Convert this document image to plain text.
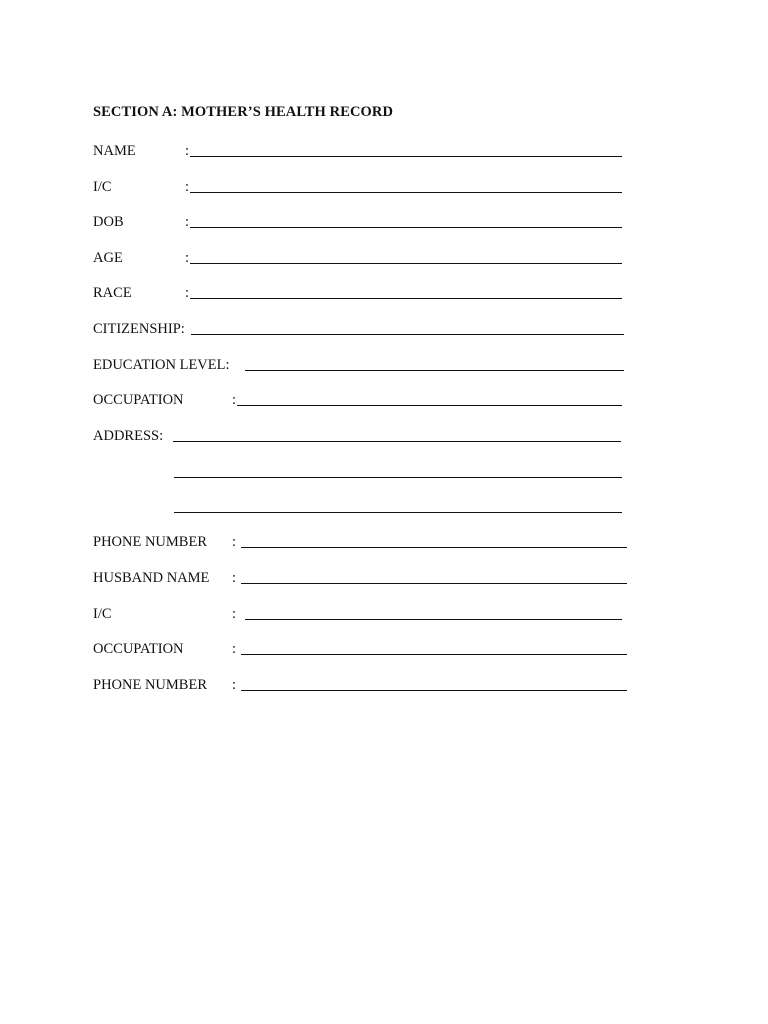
SECTION A: MOTHER’S HEALTH RECORD
NAME	:
I/C	:
DOB	:
AGE	:
RACE	:
CITIZENSHIP:
EDUCATION LEVEL:
OCCUPATION	:
ADDRESS:
PHONE NUMBER :
HUSBAND NAME :
I/C	:
OCCUPATION	:
PHONE NUMBER :
